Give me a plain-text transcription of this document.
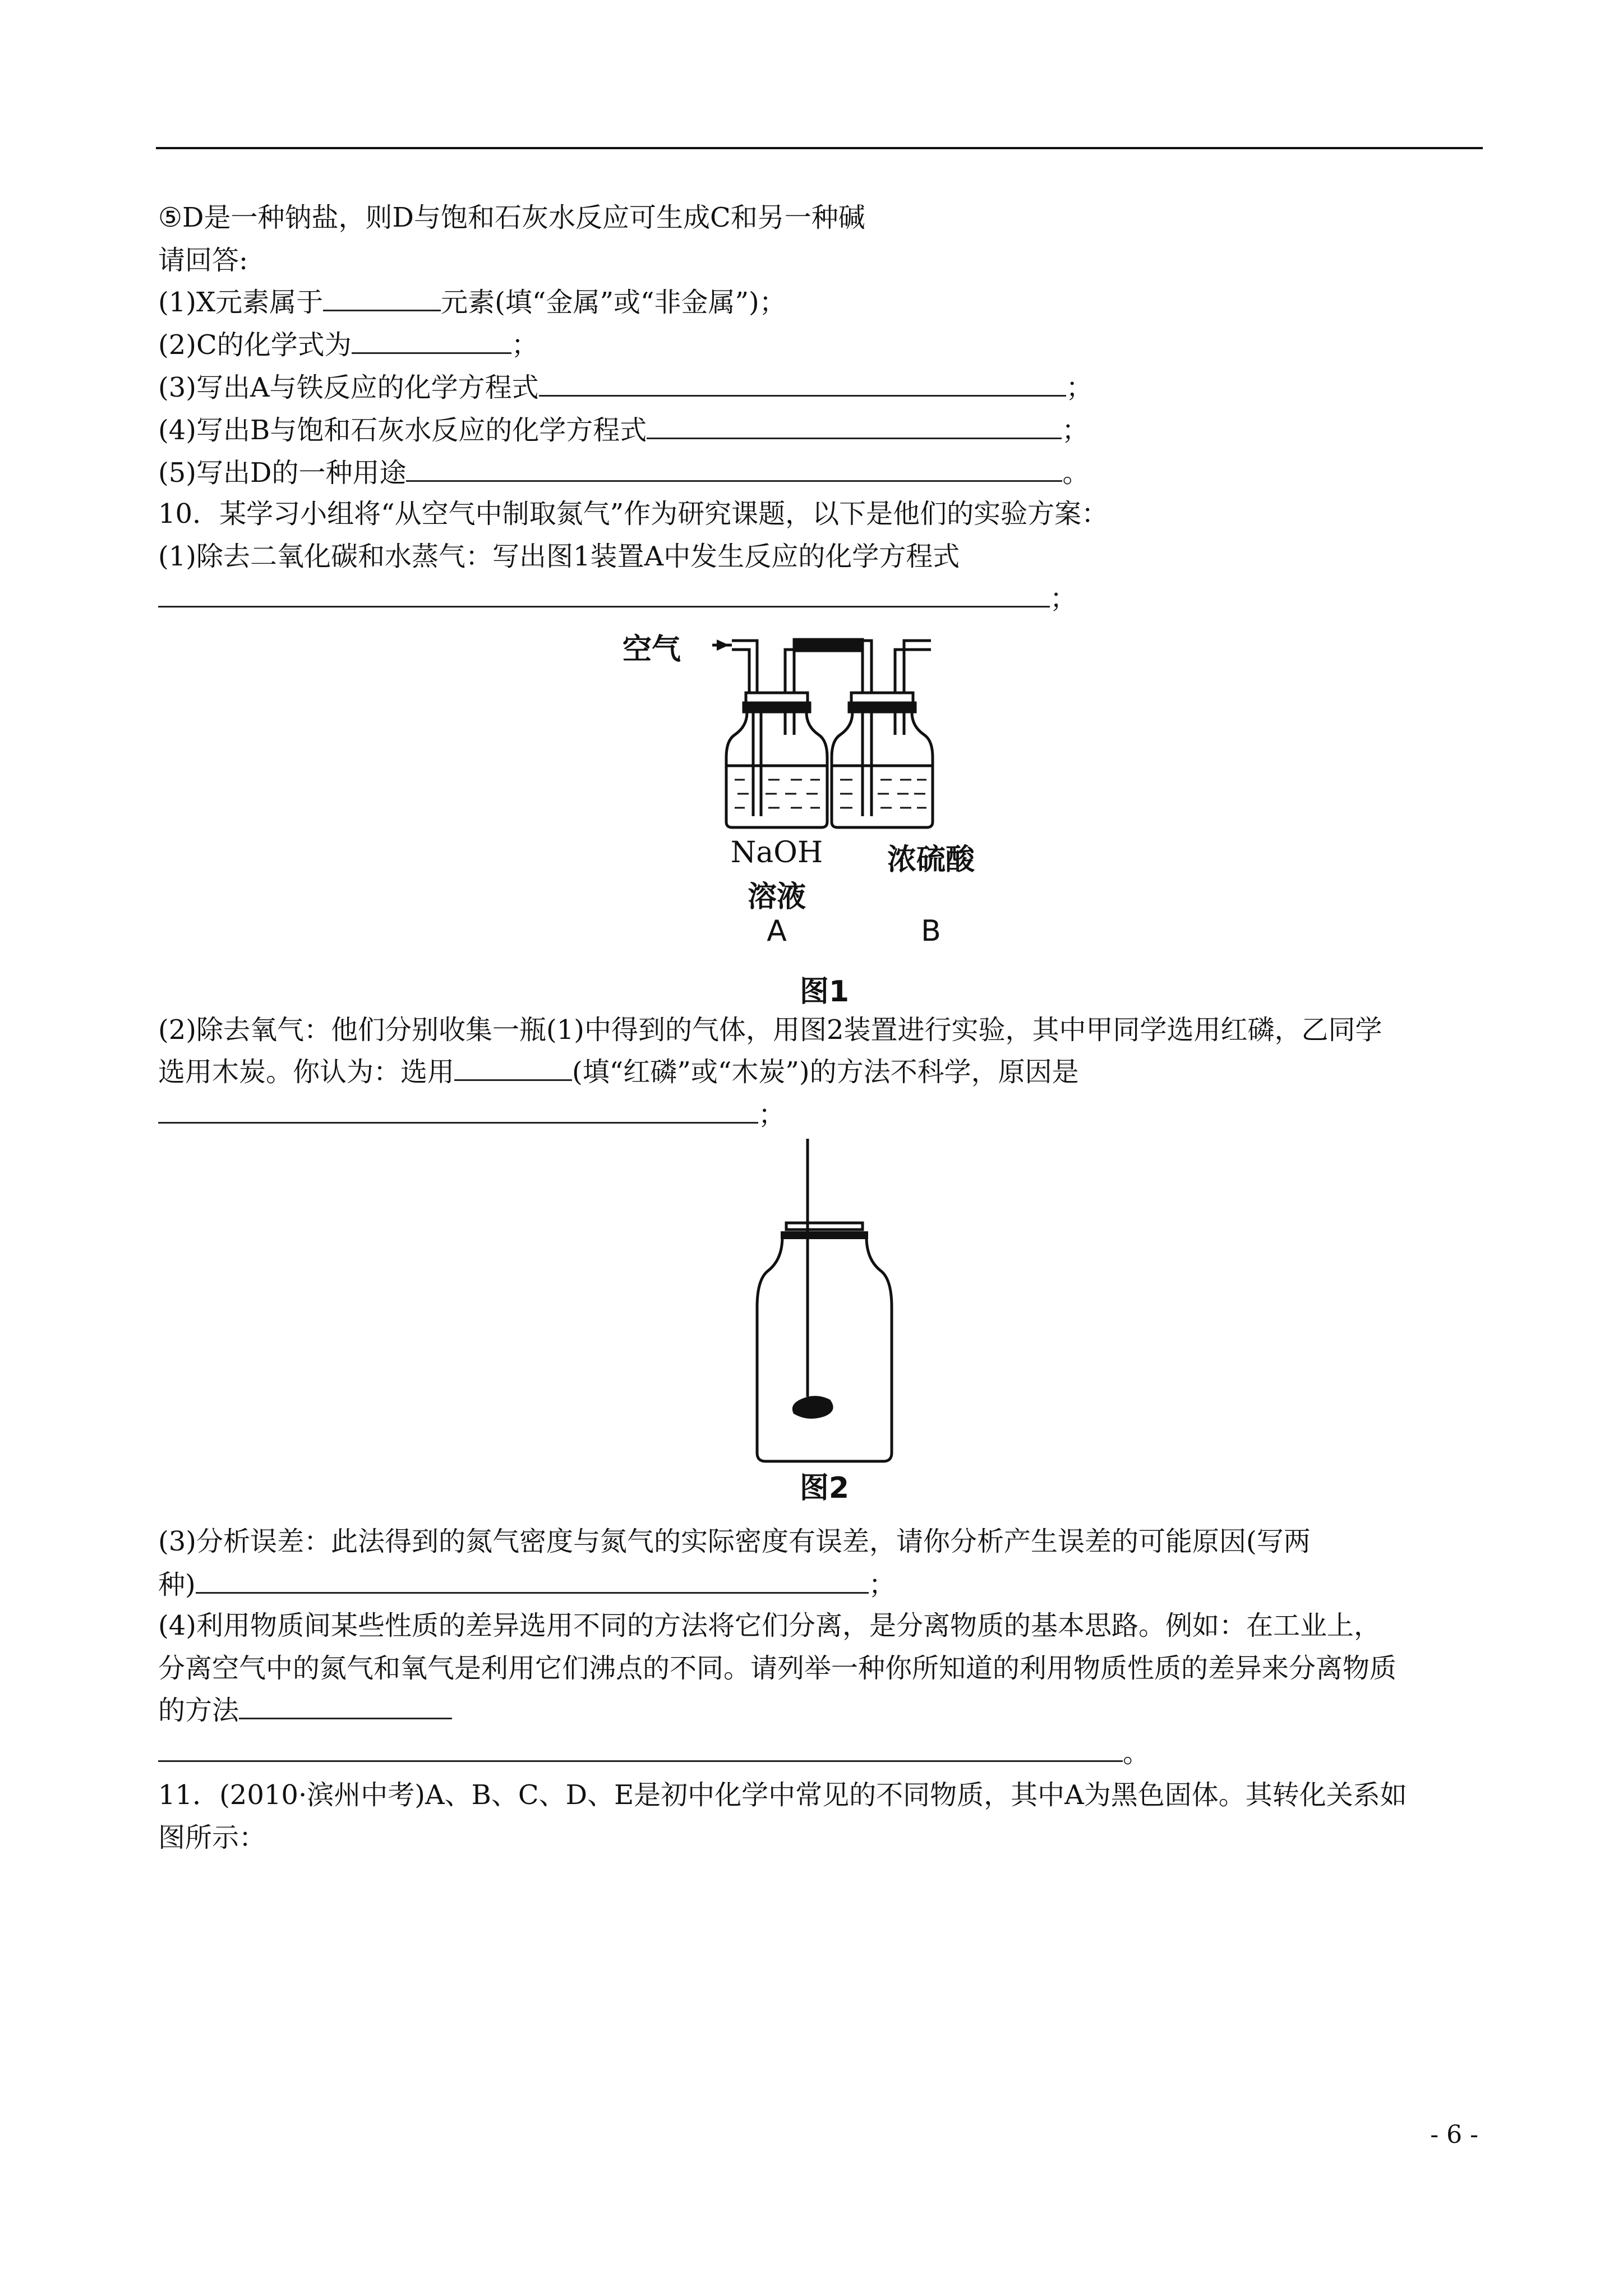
⑤D是一种钠盐，则D与饱和石灰水反应可生成C和另一种碱
请回答:
(1)X元素属于	元素(填“金属”或“非金属”)；
(2)C的化学式为	；
(3)写出A与铁反应的化学方程式	；
(4)写出B与饱和石灰水反应的化学方程式	；
(5)写出D的一种用途	。
10．某学习小组将“从空气中制取氮气”作为研究课题，以下是他们的实验方案：
(1)除去二氧化碳和水蒸气：写出图1装置A中发生反应的化学方程式
；
空气
NaOH
溶液
A
浓硫酸
B
图1
(2)除去氧气：他们分别收集一瓶(1)中得到的气体，用图2装置进行实验，其中甲同学选用红磷，乙同学
选用木炭。你认为：选用	(填“红磷”或“木炭”)的方法不科学，原因是
；
图2
(3)分析误差：此法得到的氮气密度与氮气的实际密度有误差，请你分析产生误差的可能原因(写两
种)	；
(4)利用物质间某些性质的差异选用不同的方法将它们分离，是分离物质的基本思路。例如：在工业上，
分离空气中的氮气和氧气是利用它们沸点的不同。请列举一种你所知道的利用物质性质的差异来分离物质
的方法
。
11．(2010·滨州中考)A、B、C、D、E是初中化学中常见的不同物质，其中A为黑色固体。其转化关系如
图所示：
- 6 -
